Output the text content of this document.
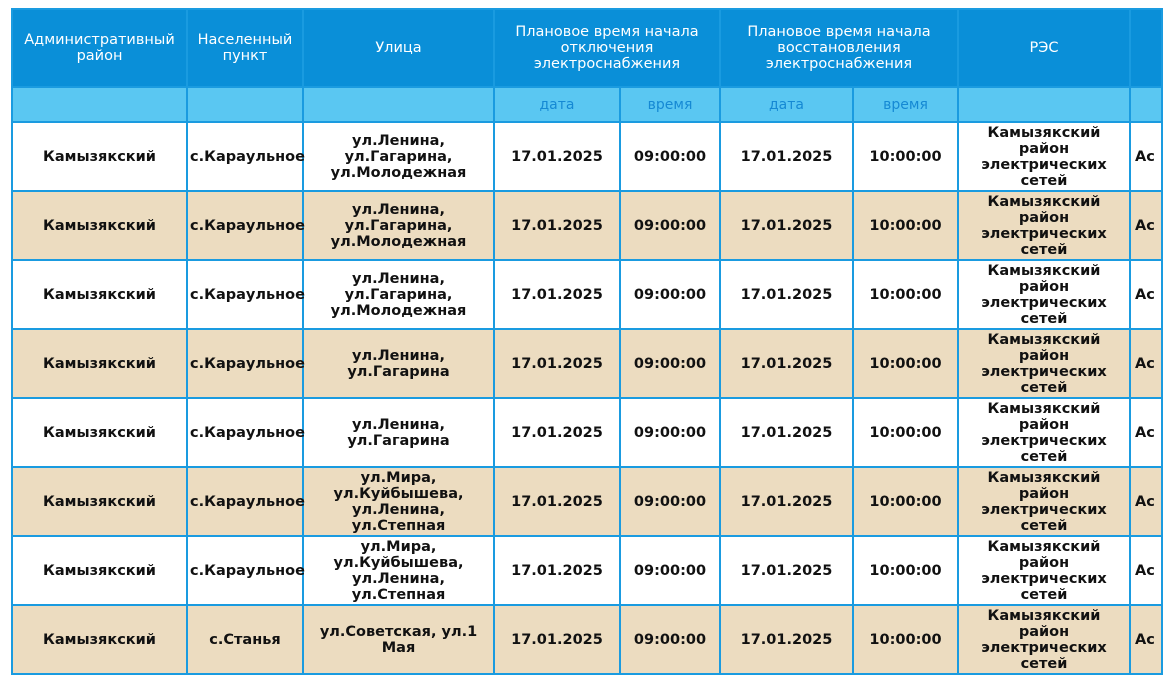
Административный район	Населенный пункт	Улица	Плановое время начала отключения электроснабжения		Плановое время начала восстановления электроснабжения		РЭС	
			дата	время	дата	время		
Камызякский	с.Караульное	ул.Ленина, ул.Гагарина, ул.Молодежная	17.01.2025	09:00:00	17.01.2025	10:00:00	Камызякский район электрических сетей	Ас
Камызякский	с.Караульное	ул.Ленина, ул.Гагарина, ул.Молодежная	17.01.2025	09:00:00	17.01.2025	10:00:00	Камызякский район электрических сетей	Ас
Камызякский	с.Караульное	ул.Ленина, ул.Гагарина, ул.Молодежная	17.01.2025	09:00:00	17.01.2025	10:00:00	Камызякский район электрических сетей	Ас
Камызякский	с.Караульное	ул.Ленина, ул.Гагарина	17.01.2025	09:00:00	17.01.2025	10:00:00	Камызякский район электрических сетей	Ас
Камызякский	с.Караульное	ул.Ленина, ул.Гагарина	17.01.2025	09:00:00	17.01.2025	10:00:00	Камызякский район электрических сетей	Ас
Камызякский	с.Караульное	ул.Мира, ул.Куйбышева, ул.Ленина, ул.Степная	17.01.2025	09:00:00	17.01.2025	10:00:00	Камызякский район электрических сетей	Ас
Камызякский	с.Караульное	ул.Мира, ул.Куйбышева, ул.Ленина, ул.Степная	17.01.2025	09:00:00	17.01.2025	10:00:00	Камызякский район электрических сетей	Ас
Камызякский	с.Станья	ул.Советская, ул.1 Мая	17.01.2025	09:00:00	17.01.2025	10:00:00	Камызякский район электрических сетей	Ас
